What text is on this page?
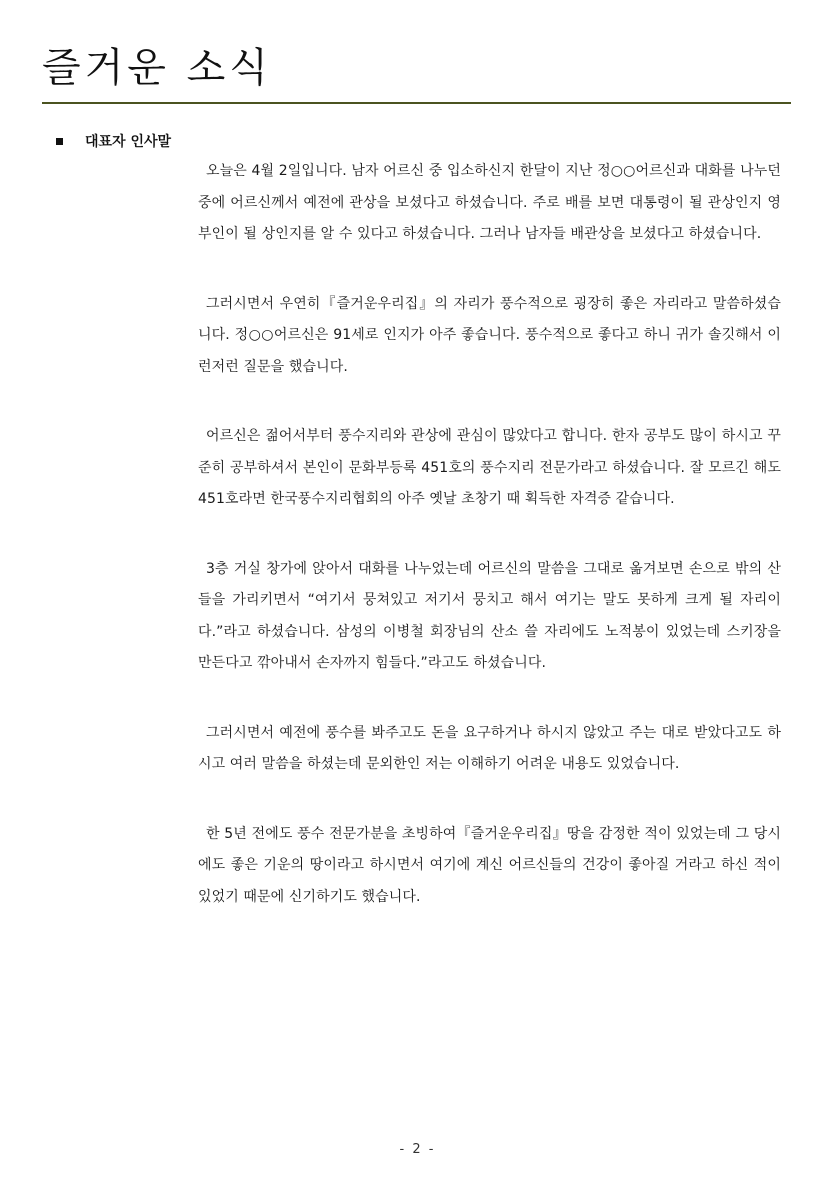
즐거운 소식
대표자 인사말

오늘은 4월 2일입니다. 남자 어르신 중 입소하신지 한달이 지난 정○○어르신과 대화를 나누던 중에 어르신께서 예전에 관상을 보셨다고 하셨습니다. 주로 배를 보면 대통령이 될 관상인지 영부인이 될 상인지를 알 수 있다고 하셨습니다. 그러나 남자들 배관상을 보셨다고 하셨습니다.

그러시면서 우연히『즐거운우리집』의 자리가 풍수적으로 굉장히 좋은 자리라고 말씀하셨습니다. 정○○어르신은 91세로 인지가 아주 좋습니다. 풍수적으로 좋다고 하니 귀가 솔깃해서 이런저런 질문을 했습니다.

어르신은 젊어서부터 풍수지리와 관상에 관심이 많았다고 합니다. 한자 공부도 많이 하시고 꾸준히 공부하셔서 본인이 문화부등록 451호의 풍수지리 전문가라고 하셨습니다. 잘 모르긴 해도 451호라면 한국풍수지리협회의 아주 옛날 초창기 때 획득한 자격증 같습니다.

3층 거실 창가에 앉아서 대화를 나누었는데 어르신의 말씀을 그대로 옮겨보면 손으로 밖의 산들을 가리키면서 “여기서 뭉쳐있고 저기서 뭉치고 해서 여기는 말도 못하게 크게 될 자리이다.”라고 하셨습니다. 삼성의 이병철 회장님의 산소 쓸 자리에도 노적봉이 있었는데 스키장을 만든다고 깎아내서 손자까지 힘들다.”라고도 하셨습니다.

그러시면서 예전에 풍수를 봐주고도 돈을 요구하거나 하시지 않았고 주는 대로 받았다고도 하시고 여러 말씀을 하셨는데 문외한인 저는 이해하기 어려운 내용도 있었습니다.

한 5년 전에도 풍수 전문가분을 초빙하여『즐거운우리집』땅을 감정한 적이 있었는데 그 당시에도 좋은 기운의 땅이라고 하시면서 여기에 계신 어르신들의 건강이 좋아질 거라고 하신 적이 있었기 때문에 신기하기도 했습니다.

- 2 -
